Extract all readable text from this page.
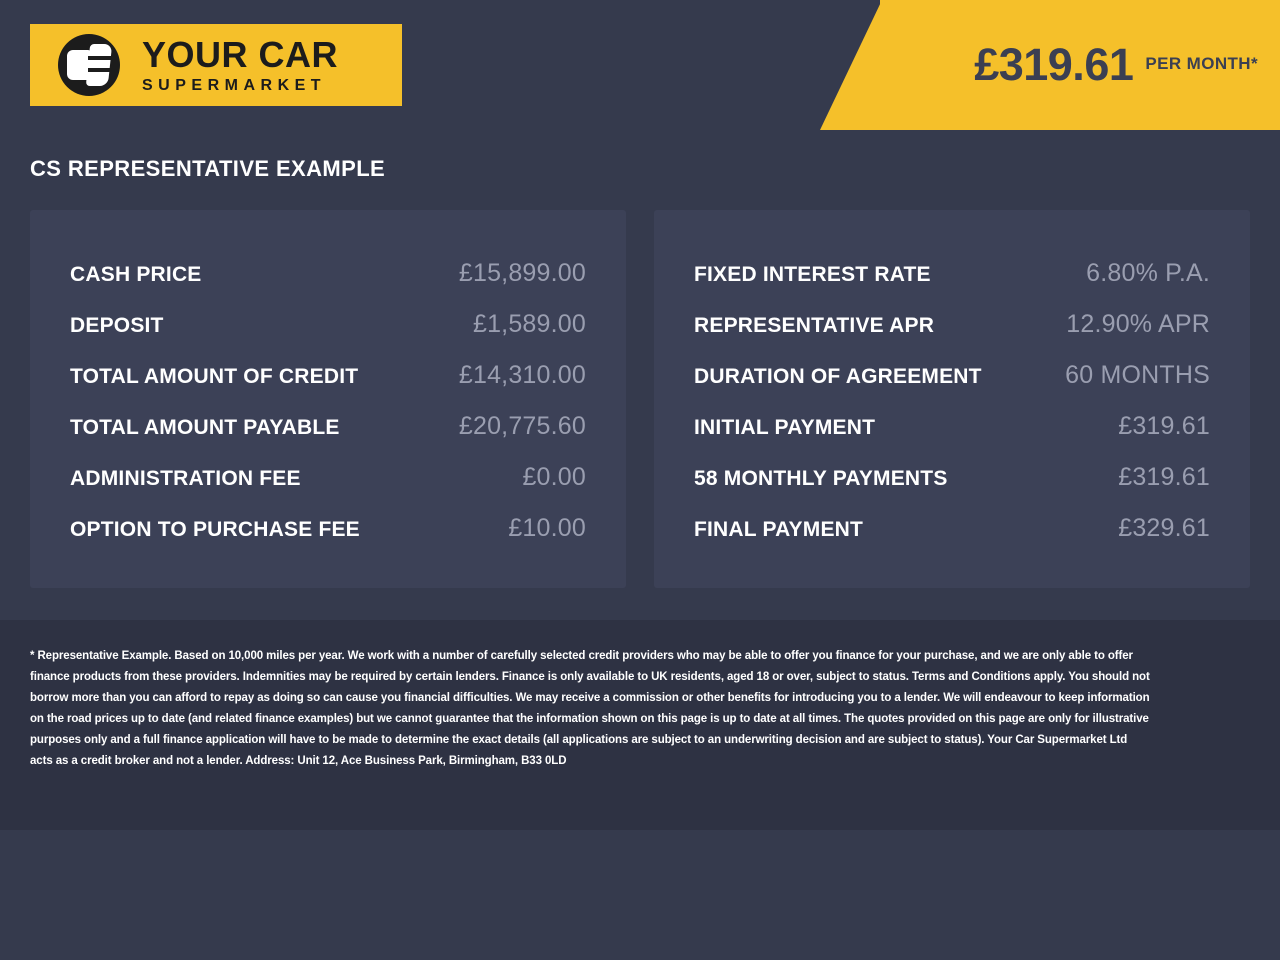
YOUR CAR
SUPERMARKET	£319.61 PER MONTH*
CS REPRESENTATIVE EXAMPLE
CASH PRICE	£15,899.00
DEPOSIT	£1,589.00
TOTAL AMOUNT OF CREDIT	£14,310.00
TOTAL AMOUNT PAYABLE	£20,775.60
ADMINISTRATION FEE	£0.00
OPTION TO PURCHASE FEE	£10.00
FIXED INTEREST RATE	6.80% P.A.
REPRESENTATIVE APR	12.90% APR
DURATION OF AGREEMENT	60 MONTHS
INITIAL PAYMENT	£319.61
58 MONTHLY PAYMENTS	£319.61
FINAL PAYMENT	£329.61

* Representative Example. Based on 10,000 miles per year. We work with a number of carefully selected credit providers who may be able to offer you finance for your purchase, and we are only able to offer finance products from these providers. Indemnities may be required by certain lenders. Finance is only available to UK residents, aged 18 or over, subject to status. Terms and Conditions apply. You should not borrow more than you can afford to repay as doing so can cause you financial difficulties. We may receive a commission or other benefits for introducing you to a lender. We will endeavour to keep information on the road prices up to date (and related finance examples) but we cannot guarantee that the information shown on this page is up to date at all times. The quotes provided on this page are only for illustrative purposes only and a full finance application will have to be made to determine the exact details (all applications are subject to an underwriting decision and are subject to status). Your Car Supermarket Ltd acts as a credit broker and not a lender. Address: Unit 12, Ace Business Park, Birmingham, B33 0LD
